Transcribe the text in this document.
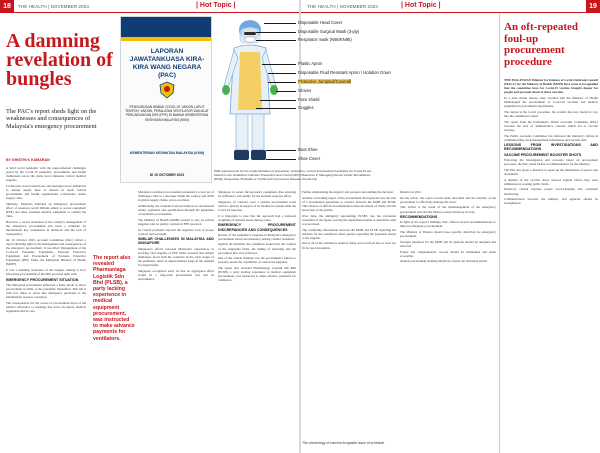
18	THE HEALTH | NOVEMBER 2023	| Hot Topic |	THE HEALTH | NOVEMBER 2023	| Hot Topic |	19
A damning revelation of bungles
The PAC's report sheds light on the weaknesses and consequences of Malaysia's emergency procurement
BY GHISTHI K KUMARAN

A third world pandemic with the unprecedented challenges posed by the Covid-19 pandemic, governments and health institutions across the globe faced immense critical medical supplies.

Lockdowns, travel restrictions, and shortages drove demand in to disrupt supply lines of interest in April, federal governments and health organisations worldwide's tender supply crisis.

Similarly, Malaysia launched an emergency procurement effort of resources worth billions aimed to secure equipment (PPE) and other essential medical equipment to combat the virus.

However, a recent revelation of the country's management of the emergency procurement has been a reminder by international key weaknesses in decisions and the lack of transparency.

On 19 October 2023, Account Committee (PAC) tabled a report shedding light on the management and consequences of the emergency procurement. It was titled 'Management of the Covid-19 Pandemic Equipment, Personal Protective Equipment and Procurement of Personal Protective Equipment (PPE) Under the Malaysian Ministry of Health (MOH)'.

It was a damning revelation of the bungles relating to how life-saving procurement of the PPE procured dealt with.

EMERGENCY PROCUREMENT SITUATION

The Malaysian government embraced a hasty mode of direct procurement in 2020, as the pandemic intensified. This left it with few times to stress that emergency purchases is the fundamental resource operation.

The consequences for the course of procurement move of the public's reluctance to warnings that lower its inputs, medical equipment and its care.

The report also revealed Pharmaniaga Logistik Sdn Bhd (PLSB), a party lacking experience in medical equipment procurement, was instructed to make advance payments for ventilators.

Malaysia's resilience procurement presented it a new set of challenges. Due to a shortage within the country and shifts in global supply chains, prices escalated.

Additionally, the evaluation and prevention of conventional tender, payments and qualification through the guidelines of unsuitable procurement.

The Ministry of Health (MOH) worked to rely on private suppliers and on quality controls in PPE procured.

Its critical problems exposed the suppliers' lack of proper controls and oversight.

SIMILAR CHALLENGES IN MALAYSIA AND SINGAPORE

Singapore's efforts between Malaysia's experiences in securing vital supplies of PPE items revealed that similar challenges faced both the countries in the early stages of the pandemic, amid an unprecedented surge in the demand for urgent items.

Singapore recognised early on that an aggregated effort would be a long-term procurement tool and its performance.

Singapore to secure the necessary equipment, thus ensuring its sufficiency and quality for the national response effort.

Singapore, in contrast, took a quicker procurement route with its capacity in support of its healthcare system amid the Covid-19 response.

It is important to note that the approach had a balanced weighting of national needs during crises.

EMERGENCY PROCUREMENT DISCREPANCIES AND CONSEQUENCES

Review of the pandemic's response in Malaysia's emergency procurement shows inconsistency among conduct standards.

Against the intention, the committee looked into the conduct of the supplying firms, the timing of tendering and the procedures that were followed.

One of the critical findings was the government's failure to properly assess the capabilities of contracted suppliers.

The report also revealed Pharmaniaga Logistik Sdn Bhd (PLSB), a party lacking experience in medical equipment procurement, was instructed to make advance payments for ventilators.

LAPORAN JAWATANKUASA KIRA-KIRA WANG NEGARA (PAC)
PENGURUSAN WABAK COVID-19: VAKSIN LUPUT TEMPOH, VAKSIN, PERALATAN VENTILATOR DAN ALAT PERLINDUNGAN DIRI (PPE) DI BAWAH KEMENTERIAN KESIHATAN MALAYSIA (KKM)
KEMENTERIAN KESIHATAN MALAYSIA (KKM)
DI 15 OKTOBER 2023
Disposable Head Cover
Disposable Surgical Mask (3-ply)
Respirator mask (N95/KN95)
Plastic Apron
Disposable Fluid Resistant Apron / Isolation Gown
Protective Jumpsuit/Coverall
Gloves
Face shield
Goggles
Boot Shoe
Shoe Cover
PPE requirements for the implementation of prevention, protection, control and treatment activities for Covid-19 are based on the Guidelines Infection Prevention and Control (IPC) Measures in Managing Person Under Surveillance (PUS), Suspected, Probable or Confirmed Coronavirus Disease (Covid-19).

Further emphasising the urgency and pressure surrounding the decision.

Another concerning aspect of the procurement discrepancies was the lack of a documented agreement or contract between the MOH and PLSB. This absence of official documentation raises the matter of clarity and the protection of the parties.

Over time, the ambiguity surrounding PLSB's role has prevented resolution of the lapses, leaving the department unable to determine what was procured.

The conflicting information between the MOH and PLSB regarding the amounts for the ventilators raises queries regarding the payments issued to the supplier.

Out of all of the ventilators ordered, many were received late or were not fit for use in hospitals.

Kinetics in 2021.

On the whole, the report reveals more shortfalls and the inability of the government to effectively manage the crisis.

This deficit is the result of the mismanagement of the emergency procurement and also the failure to keep inventory records.

RECOMMENDATIONS

In light of the report's findings, PAC offered several recommendations to improve emergency procurement.

The Ministry of Finance should issue specific directives for emergency procurement.

Stronger measures for the MOH and its agencies should be designed and enforced.

Proper and comprehensive records should be maintained and made accessible.

Annual procurement auditing should be carried out and made public.

The chronology of vaccine incapable issue of schedule.
An oft-repeated foul-up procurement procedure

THE MALAYSIAN Minister for Defence of Covid Outbreak Council (MACC) for the Ministry of Health (MOH) have come to be appalled that the committee have for Covid-19 vaccine brought deeper for people and personal shock of these vaccines.

In a joint media release, they revealed that the Ministry of Health mismanaged the procurement of Covid-19 vaccines and medical equipment in government departments.

The delays in the Covid procedure, the scandal has now found its way into the committee's report.

The report from the Parliament's Public Accounts Committee (PAC) revealed the lack of administrative controls which led to vaccine wastage.

The Public Accounts Committee has indicated the ministry's failure in communicating stock management information and vaccine data.

LESSONS FROM INVESTIGATIONS AND RECOMMENDATIONS
VACCINE PROCUREMENT BOOSTER SHOTS

Following the investigation and concerns raised on procurement processes, the PAC made further recommendations for the ministry.

The PAC has given a directive to speed up the submission of reports and documents.

A number of the vaccine doses ordered expired before they were administered, wasting public funds.

Inventory control requires proper record-keeping and consistent monitoring.

Communication between the ministry and agencies should be strengthened.
